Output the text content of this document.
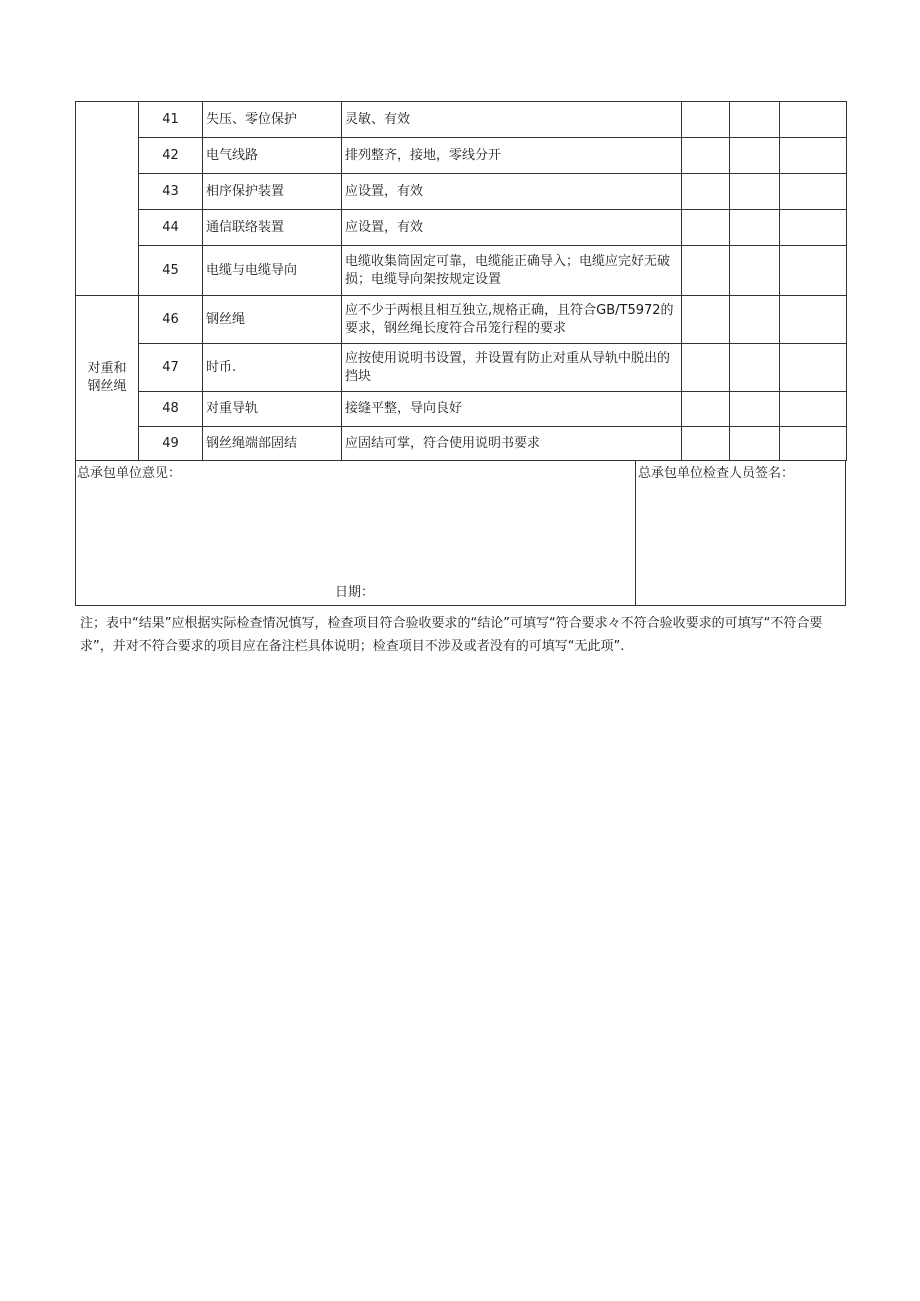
	41	失压、零位保护	灵敏、有效			
	42	电气线路	排列整齐，接地，零线分开			
	43	相序保护装置	应设置，有效			
	44	通信联络装置	应设置，有效			
	45	电缆与电缆导向	电缆收集筒固定可靠，电缆能正确导入；电缆应完好无破损；电缆导向架按规定设置			

对重和
钢丝绳	46	钢丝绳	应不少于两根且相互独立,规格正确，且符合GB/T5972的要求，钢丝绳长度符合吊笼行程的要求			
	47	时币.	应按使用说明书设置，并设置有防止对重从导轨中脱出的挡块			
	48	对重导轨	接缝平整，导向良好			
	49	钢丝绳端部固结	应固结可掌，符合使用说明书要求			
总承包单位意见：
日期：
总承包单位检查人员签名：
注；表中“结果”应根据实际检查情况慎写，检查项目符合验收要求的“结论”可填写“符合要求々不符合验收要求的可填写“不符合要求”，并对不符合要求的项目应在备注栏具体说明；检查项目不涉及或者没有的可填写“无此项”.
